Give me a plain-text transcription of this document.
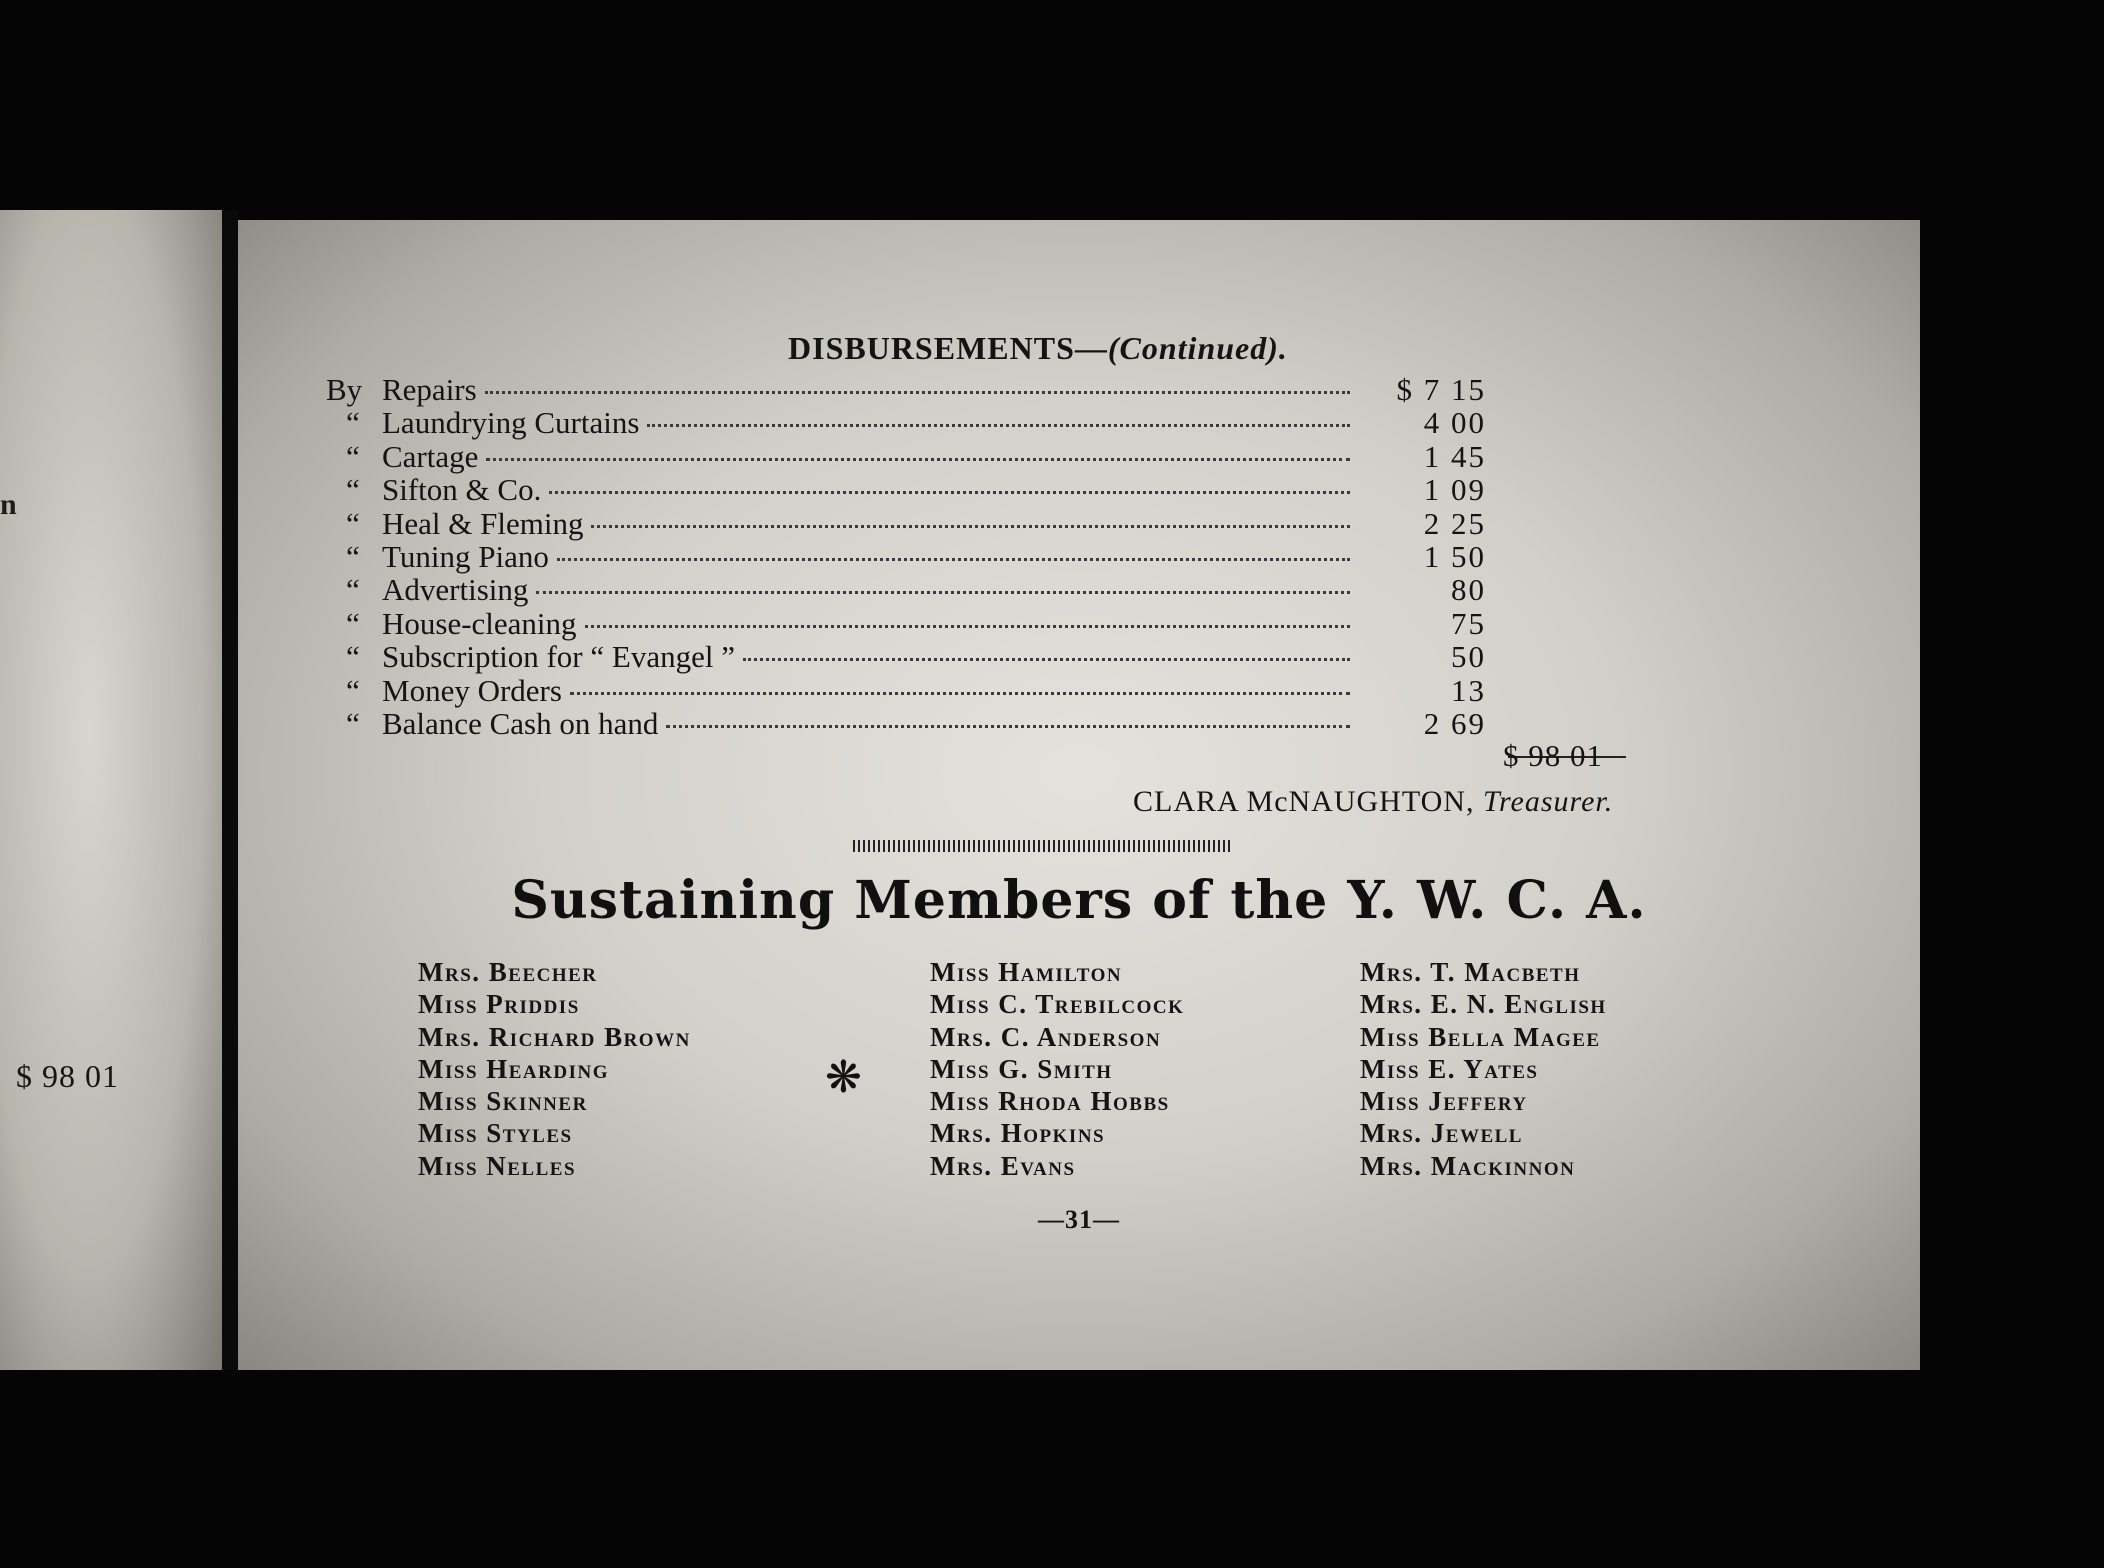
n
$ 98 01
DISBURSEMENTS—(Continued).
By Repairs	$ 7 15
“ Laundrying Curtains	4 00
“ Cartage	1 45
“ Sifton & Co.	1 09
“ Heal & Fleming	2 25
“ Tuning Piano	1 50
“ Advertising	80
“ House-cleaning	75
“ Subscription for “ Evangel ”	50
“ Money Orders	13
“ Balance Cash on hand	2 69
$ 98 01
CLARA McNAUGHTON, Treasurer.
Sustaining Members of the Y. W. C. A.
Mrs. Beecher
Miss Priddis
Mrs. Richard Brown
Miss Hearding
Miss Skinner
Miss Styles
Miss Nelles
❋
Miss Hamilton
Miss C. Trebilcock
Mrs. C. Anderson
Miss G. Smith
Miss Rhoda Hobbs
Mrs. Hopkins
Mrs. Evans
Mrs. T. Macbeth
Mrs. E. N. English
Miss Bella Magee
Miss E. Yates
Miss Jeffery
Mrs. Jewell
Mrs. Mackinnon
—31—
